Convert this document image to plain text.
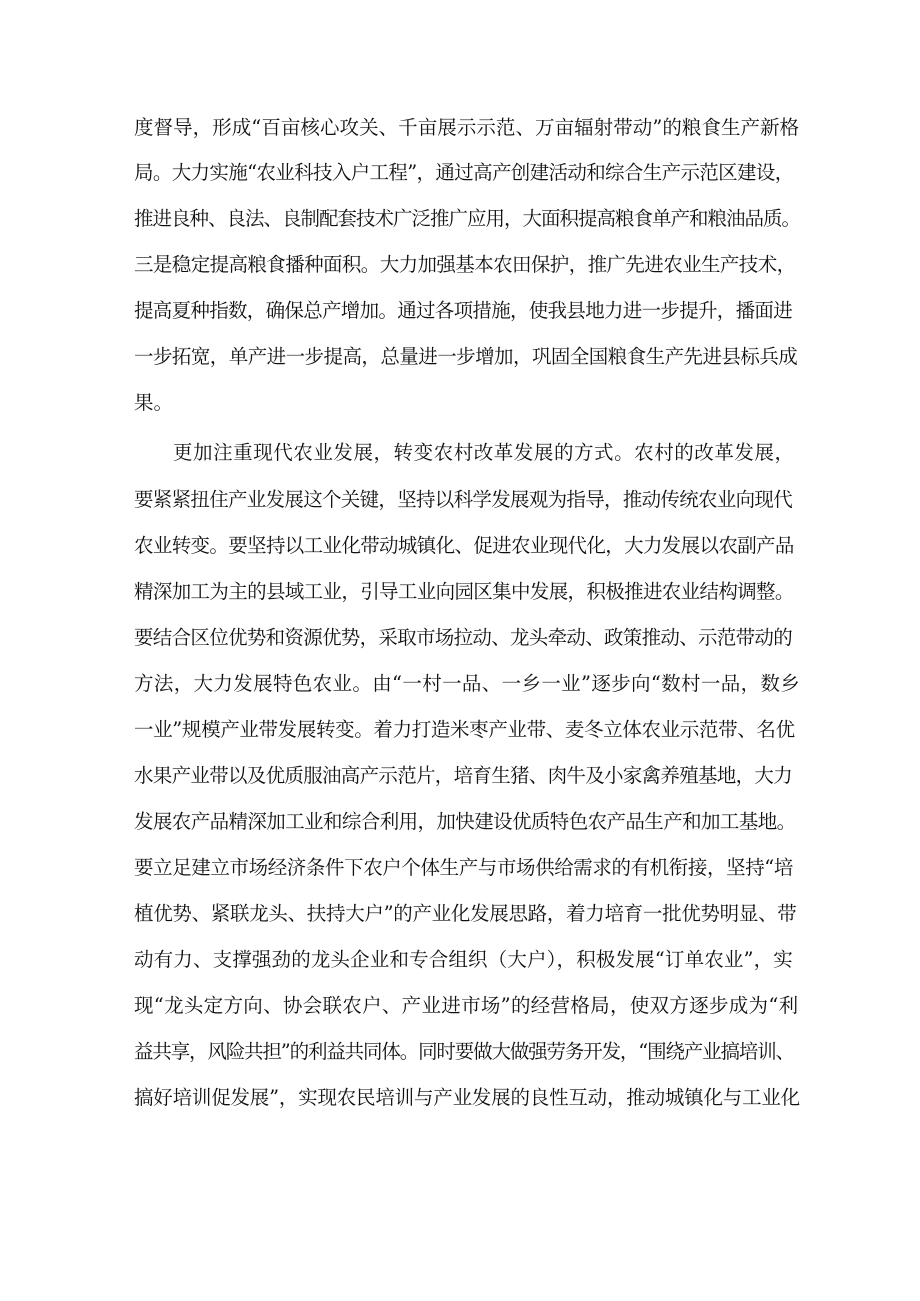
度督导，形成“百亩核心攻关、千亩展示示范、万亩辐射带动”的粮食生产新格
局。大力实施“农业科技入户工程”，通过高产创建活动和综合生产示范区建设，
推进良种、良法、良制配套技术广泛推广应用，大面积提高粮食单产和粮油品质。
三是稳定提高粮食播种面积。大力加强基本农田保护，推广先进农业生产技术，
提高夏种指数，确保总产增加。通过各项措施，使我县地力进一步提升，播面进
一步拓宽，单产进一步提高，总量进一步增加，巩固全国粮食生产先进县标兵成
果。
更加注重现代农业发展，转变农村改革发展的方式。农村的改革发展，
要紧紧扭住产业发展这个关键，坚持以科学发展观为指导，推动传统农业向现代
农业转变。要坚持以工业化带动城镇化、促进农业现代化，大力发展以农副产品
精深加工为主的县域工业，引导工业向园区集中发展，积极推进农业结构调整。
要结合区位优势和资源优势，采取市场拉动、龙头牵动、政策推动、示范带动的
方法，大力发展特色农业。由“一村一品、一乡一业”逐步向“数村一品，数乡
一业”规模产业带发展转变。着力打造米枣产业带、麦冬立体农业示范带、名优
水果产业带以及优质服油高产示范片，培育生猪、肉牛及小家禽养殖基地，大力
发展农产品精深加工业和综合利用，加快建设优质特色农产品生产和加工基地。
要立足建立市场经济条件下农户个体生产与市场供给需求的有机衔接，坚持“培
植优势、紧联龙头、扶持大户”的产业化发展思路，着力培育一批优势明显、带
动有力、支撑强劲的龙头企业和专合组织（大户），积极发展“订单农业”，实
现“龙头定方向、协会联农户、产业进市场”的经营格局，使双方逐步成为“利
益共享，风险共担”的利益共同体。同时要做大做强劳务开发，“围绕产业搞培训、
搞好培训促发展”，实现农民培训与产业发展的良性互动，推动城镇化与工业化
